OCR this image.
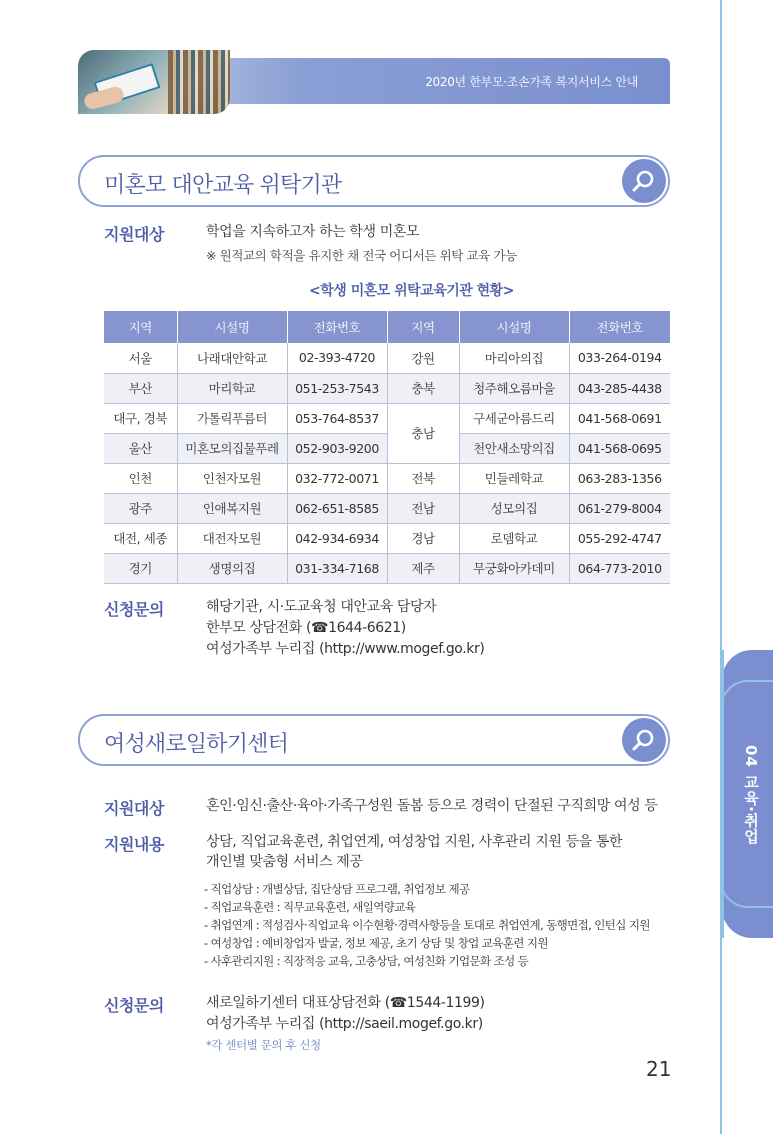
2020년 한부모·조손가족 복지서비스 안내
미혼모 대안교육 위탁기관
지원대상	학업을 지속하고자 하는 학생 미혼모
※ 원적교의 학적을 유지한 채 전국 어디서든 위탁 교육 가능
<학생 미혼모 위탁교육기관 현황>
지역	시설명	전화번호	지역	시설명	전화번호
서울	나래대안학교	02-393-4720	강원	마리아의집	033-264-0194
부산	마리학교	051-253-7543	충북	청주해오름마을	043-285-4438
대구, 경북	가톨릭푸름터	053-764-8537	충남	구세군아름드리	041-568-0691
울산	미혼모의집물푸레	052-903-9200		천안새소망의집	041-568-0695
인천	인천자모원	032-772-0071	전북	민들레학교	063-283-1356
광주	인애복지원	062-651-8585	전남	성모의집	061-279-8004
대전, 세종	대전자모원	042-934-6934	경남	로뎀학교	055-292-4747
경기	생명의집	031-334-7168	제주	무궁화아카데미	064-773-2010
신청문의	해당기관, 시·도교육청 대안교육 담당자
한부모 상담전화 (☎1644-6621)
여성가족부 누리집 (http://www.mogef.go.kr)
여성새로일하기센터
지원대상	혼인·임신·출산·육아·가족구성원 돌봄 등으로 경력이 단절된 구직희망 여성 등
지원내용	상담, 직업교육훈련, 취업연계, 여성창업 지원, 사후관리 지원 등을 통한
개인별 맞춤형 서비스 제공
- 직업상담 : 개별상담, 집단상담 프로그램, 취업정보 제공
- 직업교육훈련 : 직무교육훈련, 새일역량교육
- 취업연계 : 적성검사·직업교육 이수현황·경력사항등을 토대로 취업연계, 동행면접, 인턴십 지원
- 여성창업 : 예비창업자 발굴, 정보 제공, 초기 상담 및 창업 교육훈련 지원
- 사후관리지원 : 직장적응 교육, 고충상담, 여성친화 기업문화 조성 등
신청문의	새로일하기센터 대표상담전화 (☎1544-1199)
여성가족부 누리집 (http://saeil.mogef.go.kr)
*각 센터별 문의 후 신청
21
04 교육·취업
